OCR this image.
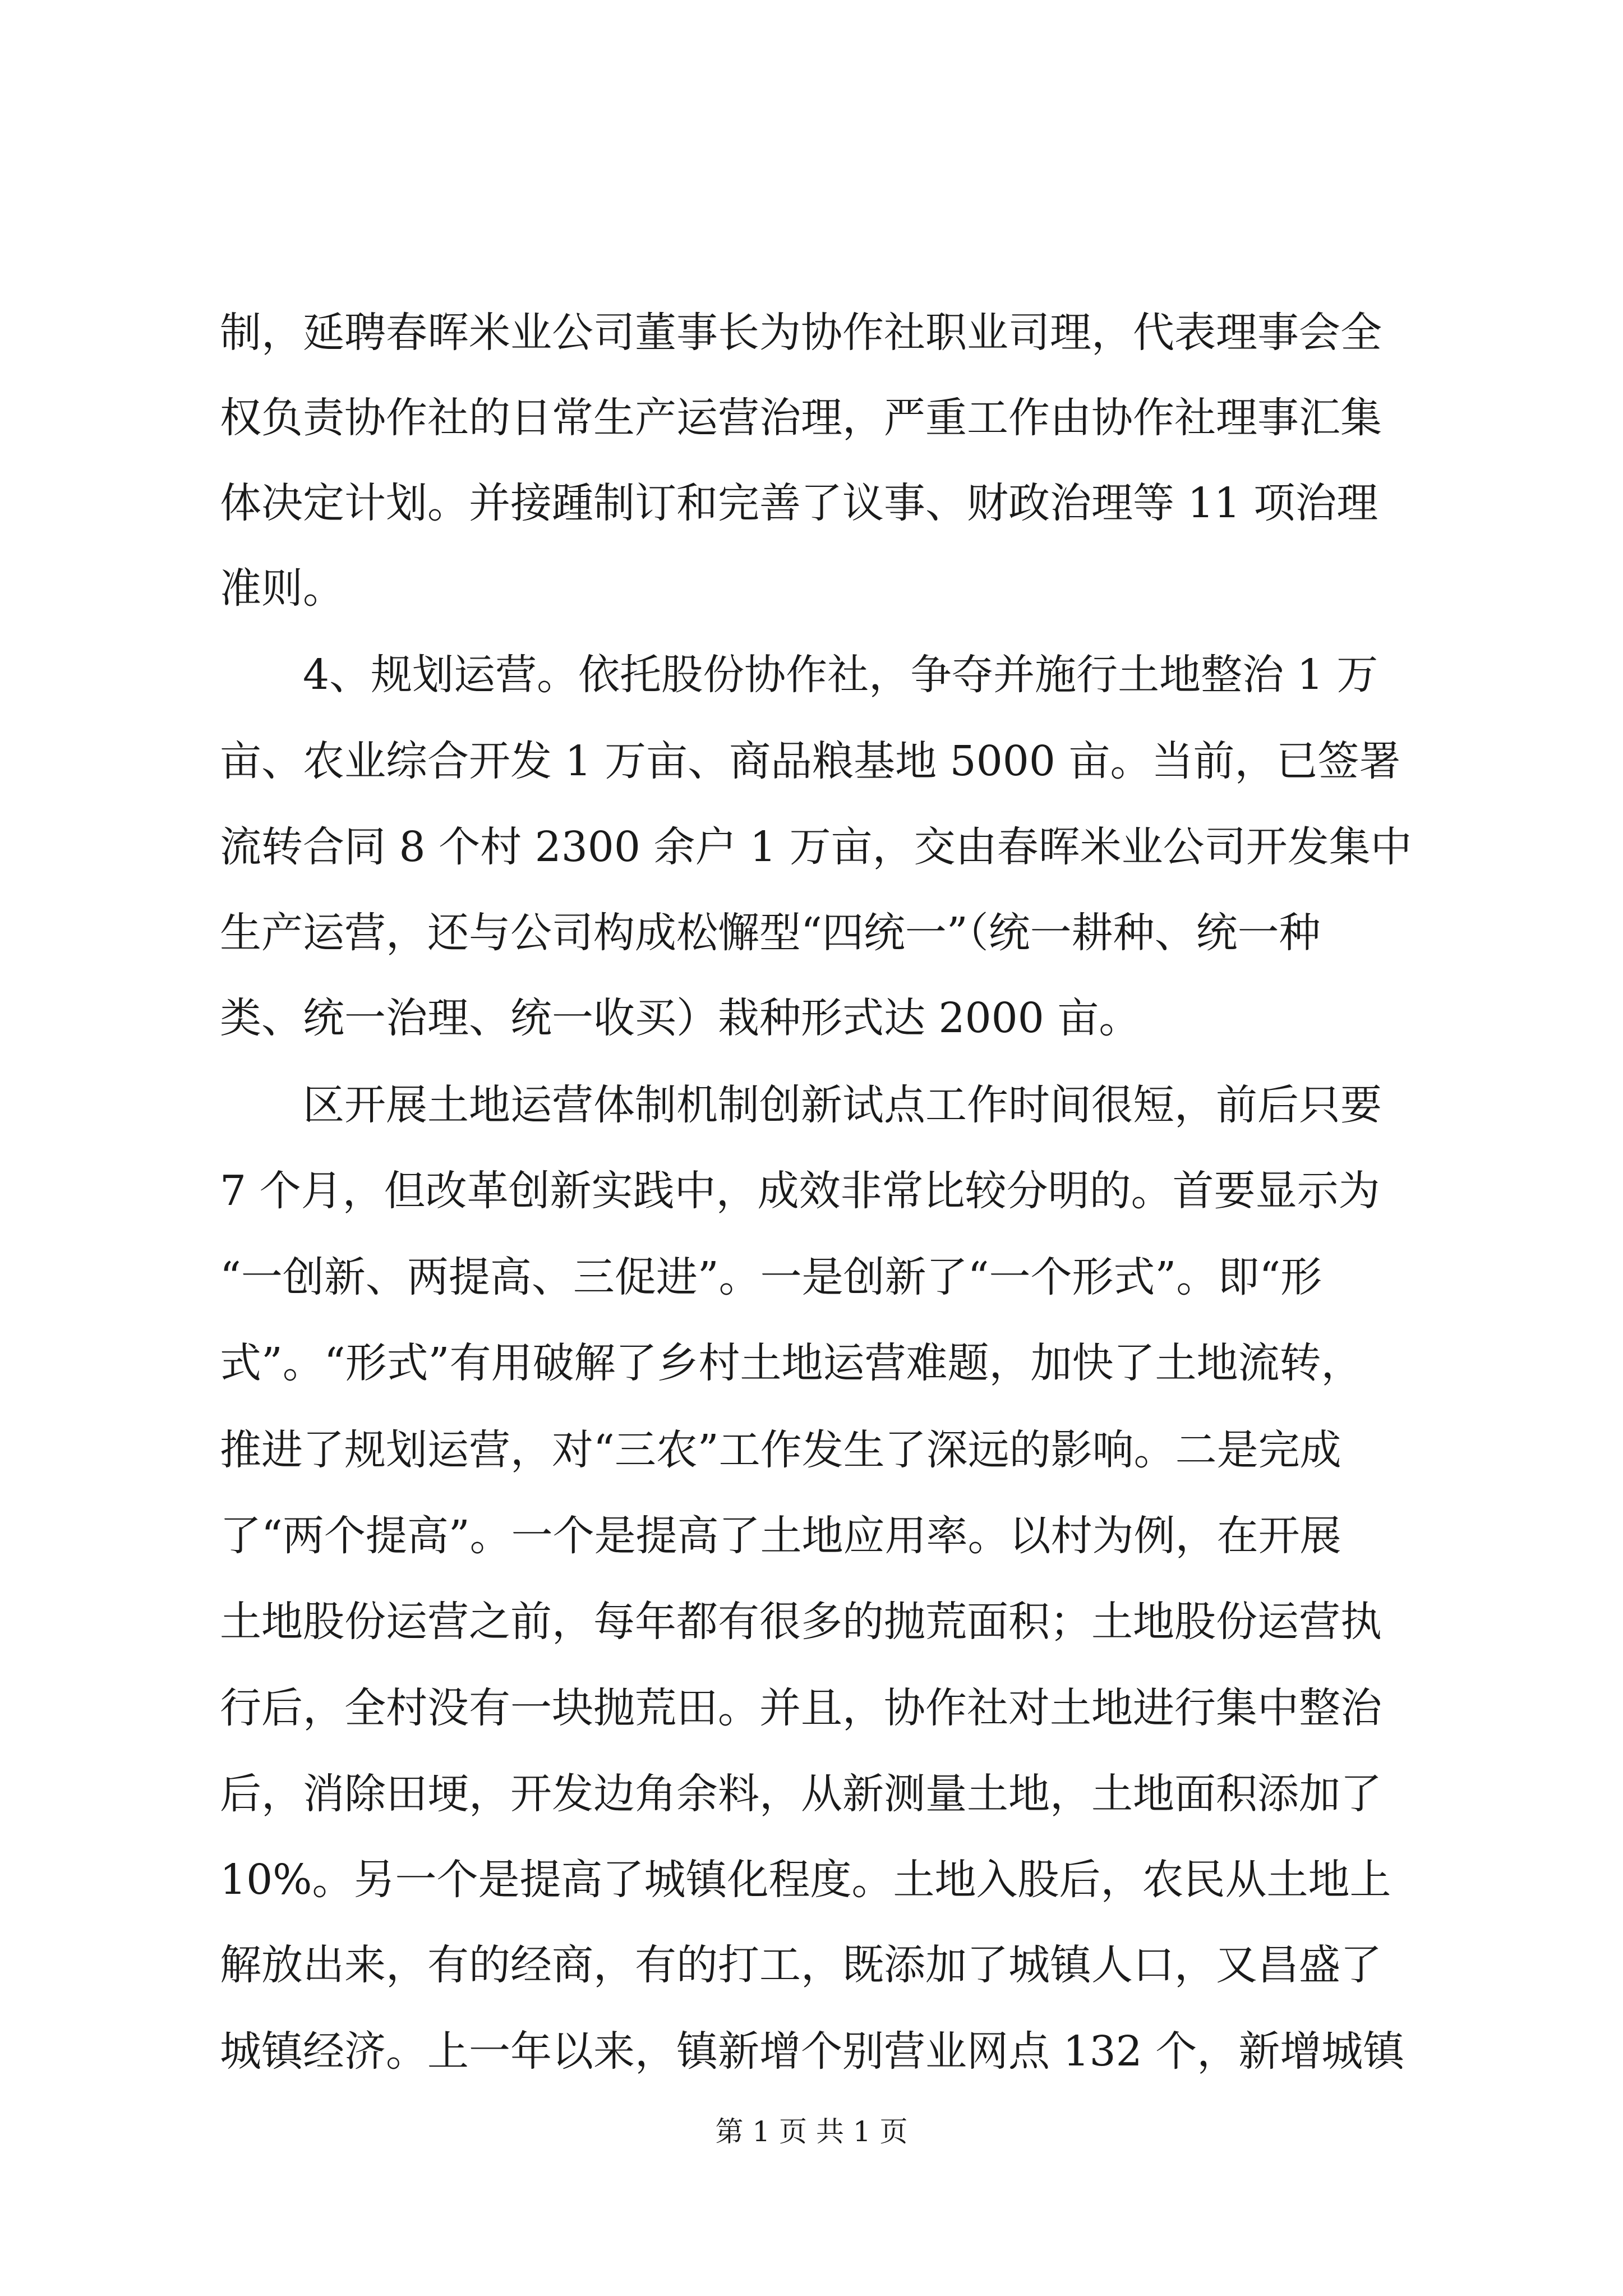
制，延聘春晖米业公司董事长为协作社职业司理，代表理事会全
权负责协作社的日常生产运营治理，严重工作由协作社理事汇集
体决定计划。并接踵制订和完善了议事、财政治理等 11 项治理
准则。
4、规划运营。依托股份协作社，争夺并施行土地整治 1 万
亩、农业综合开发 1 万亩、商品粮基地 5000 亩。当前，已签署
流转合同 8 个村 2300 余户 1 万亩，交由春晖米业公司开发集中
生产运营，还与公司构成松懈型“四统一”（统一耕种、统一种
类、统一治理、统一收买）栽种形式达 2000 亩。
区开展土地运营体制机制创新试点工作时间很短，前后只要
7 个月，但改革创新实践中，成效非常比较分明的。首要显示为
“一创新、两提高、三促进”。一是创新了“一个形式”。即“形
式”。“形式”有用破解了乡村土地运营难题，加快了土地流转，
推进了规划运营，对“三农”工作发生了深远的影响。二是完成
了“两个提高”。一个是提高了土地应用率。以村为例，在开展
土地股份运营之前，每年都有很多的抛荒面积；土地股份运营执
行后，全村没有一块抛荒田。并且，协作社对土地进行集中整治
后，消除田埂，开发边角余料，从新测量土地，土地面积添加了
10%。另一个是提高了城镇化程度。土地入股后，农民从土地上
解放出来，有的经商，有的打工，既添加了城镇人口，又昌盛了
城镇经济。上一年以来，镇新增个别营业网点 132 个，新增城镇
第 1 页 共 1 页
